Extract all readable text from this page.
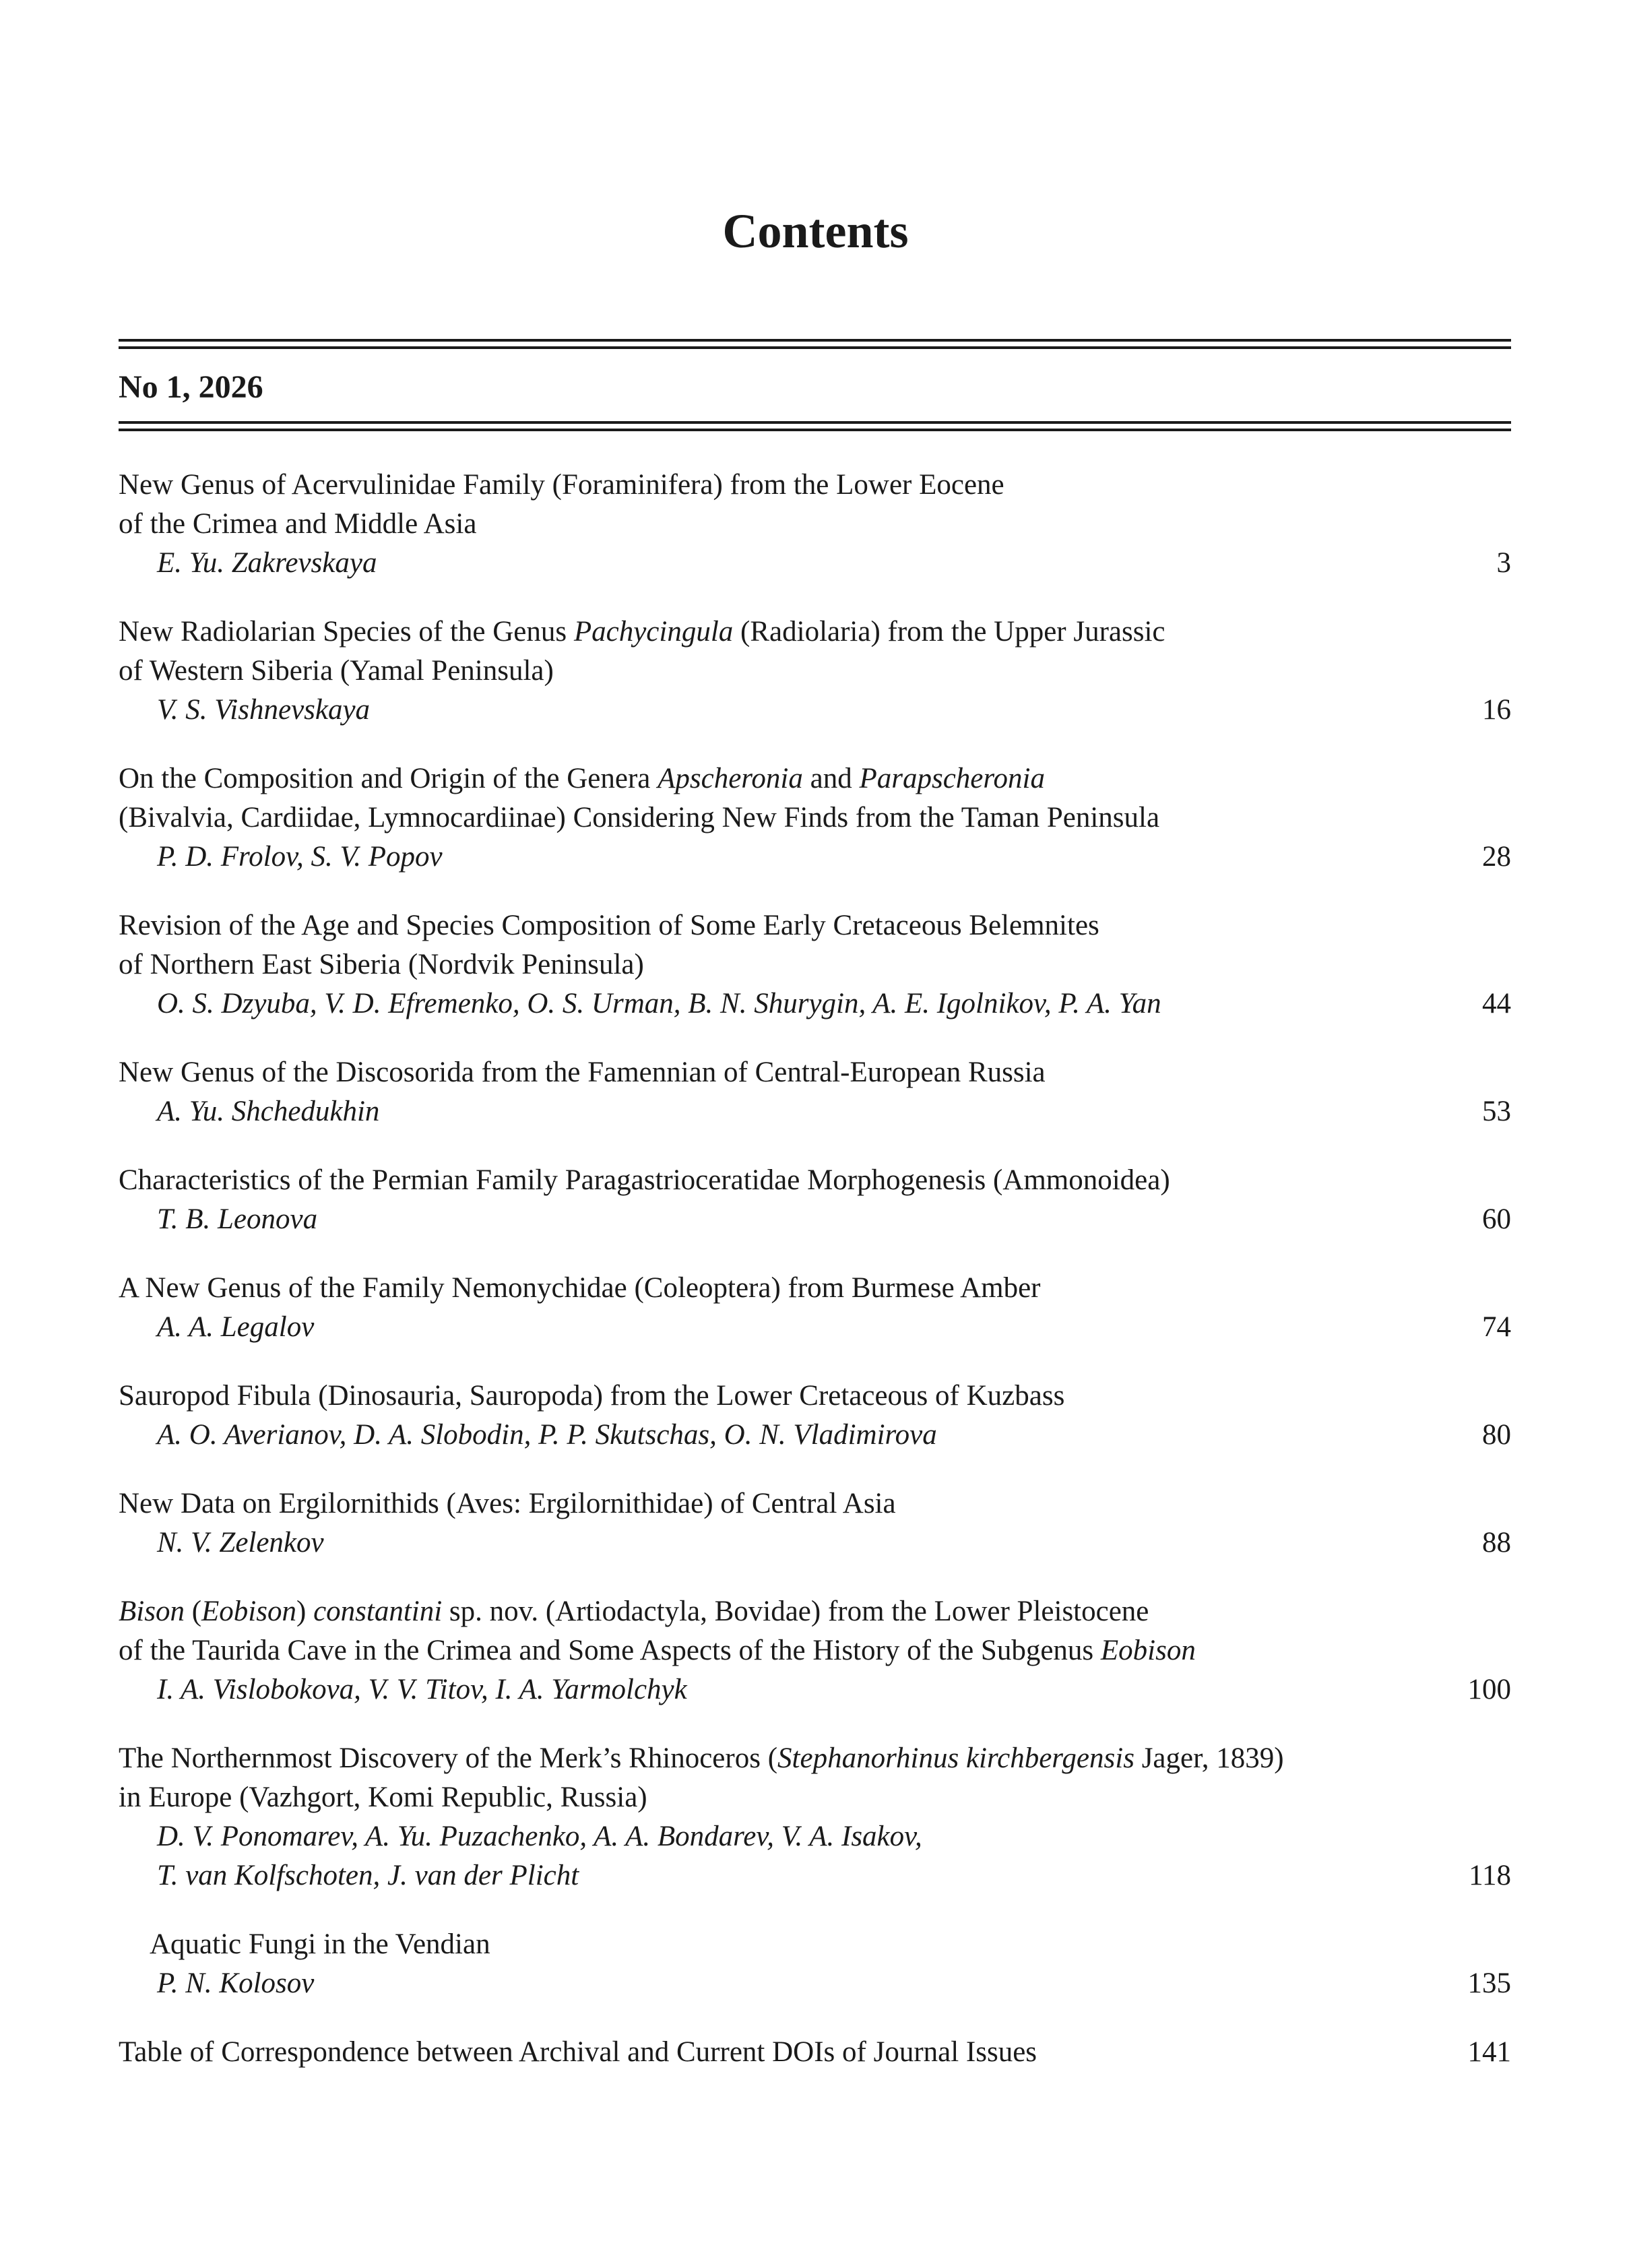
Contents
No 1, 2026
New Genus of Acervulinidae Family (Foraminifera) from the Lower Eocene
of the Crimea and Middle Asia
E. Yu. Zakrevskaya	3
New Radiolarian Species of the Genus Pachycingula (Radiolaria) from the Upper Jurassic
of Western Siberia (Yamal Peninsula)
V. S. Vishnevskaya	16
On the Composition and Origin of the Genera Apscheronia and Parapscheronia
(Bivalvia, Cardiidae, Lymnocardiinae) Considering New Finds from the Taman Peninsula
P. D. Frolov, S. V. Popov	28
Revision of the Age and Species Composition of Some Early Cretaceous Belemnites
of Northern East Siberia (Nordvik Peninsula)
O. S. Dzyuba, V. D. Efremenko, O. S. Urman, B. N. Shurygin, A. E. Igolnikov, P. A. Yan	44
New Genus of the Discosorida from the Famennian of Central-European Russia
A. Yu. Shchedukhin	53
Characteristics of the Permian Family Paragastrioceratidae Morphogenesis (Ammonoidea)
T. B. Leonova	60
A New Genus of the Family Nemonychidae (Coleoptera) from Burmese Amber
A. A. Legalov	74
Sauropod Fibula (Dinosauria, Sauropoda) from the Lower Cretaceous of Kuzbass
A. O. Averianov, D. A. Slobodin, P. P. Skutschas, O. N. Vladimirova	80
New Data on Ergilornithids (Aves: Ergilornithidae) of Central Asia
N. V. Zelenkov	88
Bison (Eobison) constantini sp. nov. (Artiodactyla, Bovidae) from the Lower Pleistocene
of the Taurida Cave in the Crimea and Some Aspects of the History of the Subgenus Eobison
I. A. Vislobokova, V. V. Titov, I. A. Yarmolchyk	100
The Northernmost Discovery of the Merk’s Rhinoceros (Stephanorhinus kirchbergensis Jager, 1839)
in Europe (Vazhgort, Komi Republic, Russia)
D. V. Ponomarev, A. Yu. Puzachenko, A. A. Bondarev, V. A. Isakov,
T. van Kolfschoten, J. van der Plicht	118
Aquatic Fungi in the Vendian
P. N. Kolosov	135
Table of Correspondence between Archival and Current DOIs of Journal Issues	141
